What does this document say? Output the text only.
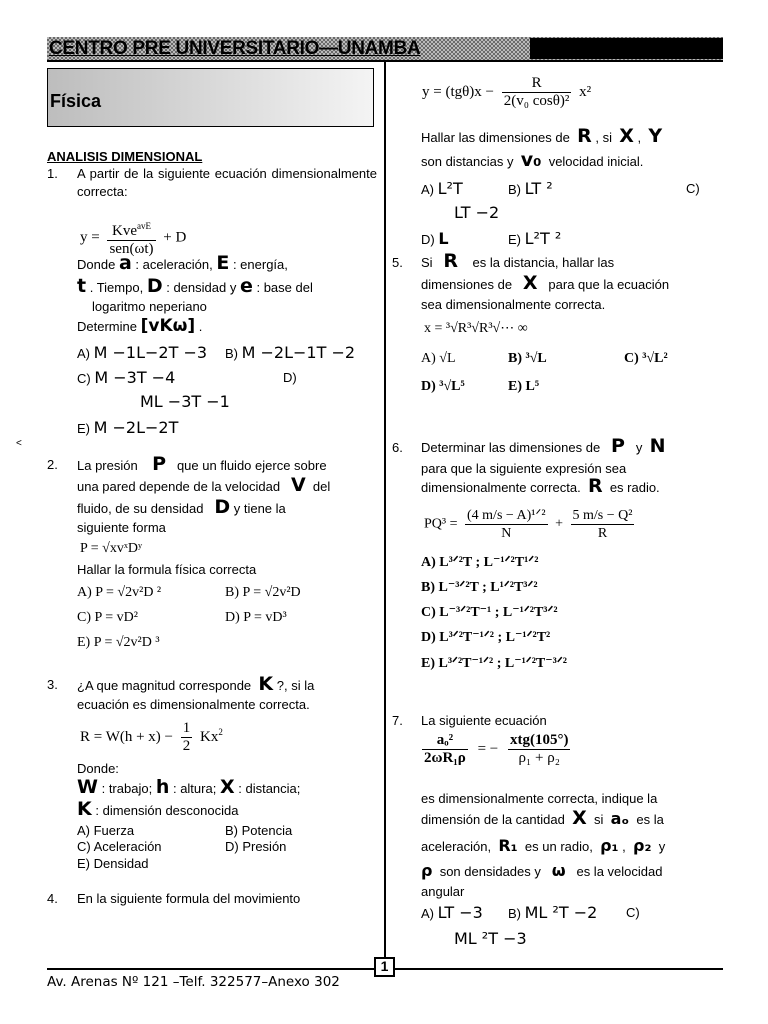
CENTRO PRE UNIVERSITARIO—UNAMBA
Física
˂
ANALISIS DIMENSIONAL
1. A partir de la siguiente ecuación dimensionalmente correcta:
y = Kve$^{avE}$
sen(ωt)
+ D
Donde a : aceleración, E : energía,
t . Tiempo, D : densidad y e : base del
logaritmo neperiano
Determine [vKω] .
A) M −1L−2T −3 B) M −2L−1T −2
C) M −3T −4	D)
ML −3T −1
E) M −2L−2T
2. La presión P que un fluido ejerce sobre
una pared depende de la velocidad V del
fluido, de su densidad D y tiene la
siguiente forma
P = √xvˣDʸ
Hallar la formula física correcta
A) P = √2v²D ²	B) P = √2v²D
C) P = vD²	D) P = vD³
E) P = √2v²D ³
3. ¿A que magnitud corresponde K ?, si la
ecuación es dimensionalmente correcta.
$R = W(h + x) - \frac{1}{2} Kx^2$
Donde:
W : trabajo; h : altura; X : distancia;
K : dimensión desconocida
A) Fuerza	B) Potencia
C) Aceleración	D) Presión
E) Densidad
4. En la siguiente formula del movimiento
$y = (tg\theta)x - \frac{R}{\text{2(v₀ cosθ)²}} x^2$
Hallar las dimensiones de R , si X , Y
son distancias y v₀ velocidad inicial.
A) L²T	B) LT ²	C)
LT −2
D) L	E) L²T ²
5. Si R es la distancia, hallar las
dimensiones de X para que la ecuación
sea dimensionalmente correcta.
x = ³√R³√R³√⋯ ∞
A) √L	B) ³√L	C) ³√L²
D) ³√L⁵	E) L⁵
6. Determinar las dimensiones de P y N
para que la siguiente expresión sea
dimensionalmente correcta. R es radio.
PQ³ =
(4 m/s − A)¹ᐟ²
N
+ $\frac{\text{5 m/s − Q²}}{R}$
A) L³ᐟ²T ; L⁻¹ᐟ²T¹ᐟ²
B) L⁻³ᐟ²T ; L¹ᐟ²T³ᐟ²
C) L⁻³ᐟ²T⁻¹ ; L⁻¹ᐟ²T³ᐟ²
D) L³ᐟ²T⁻¹ᐟ² ; L⁻¹ᐟ²T²
E) L³ᐟ²T⁻¹ᐟ² ; L⁻¹ᐟ²T⁻³ᐟ²
7. La siguiente ecuación
$\frac{\text{aₒ²}}{\text{2ωR₁ρ}}$ = −
xtg(105°)
ρ₁ + ρ₂
es dimensionalmente correcta, indique la
dimensión de la cantidad X si aₒ es la
aceleración, R₁ es un radio, ρ₁ , ρ₂ y
ρ son densidades y ω es la velocidad
angular
A) LT −3 B) ML ²T −2 C)
ML ²T −3
1
Av. Arenas Nº 121 –Telf. 322577–Anexo 302
